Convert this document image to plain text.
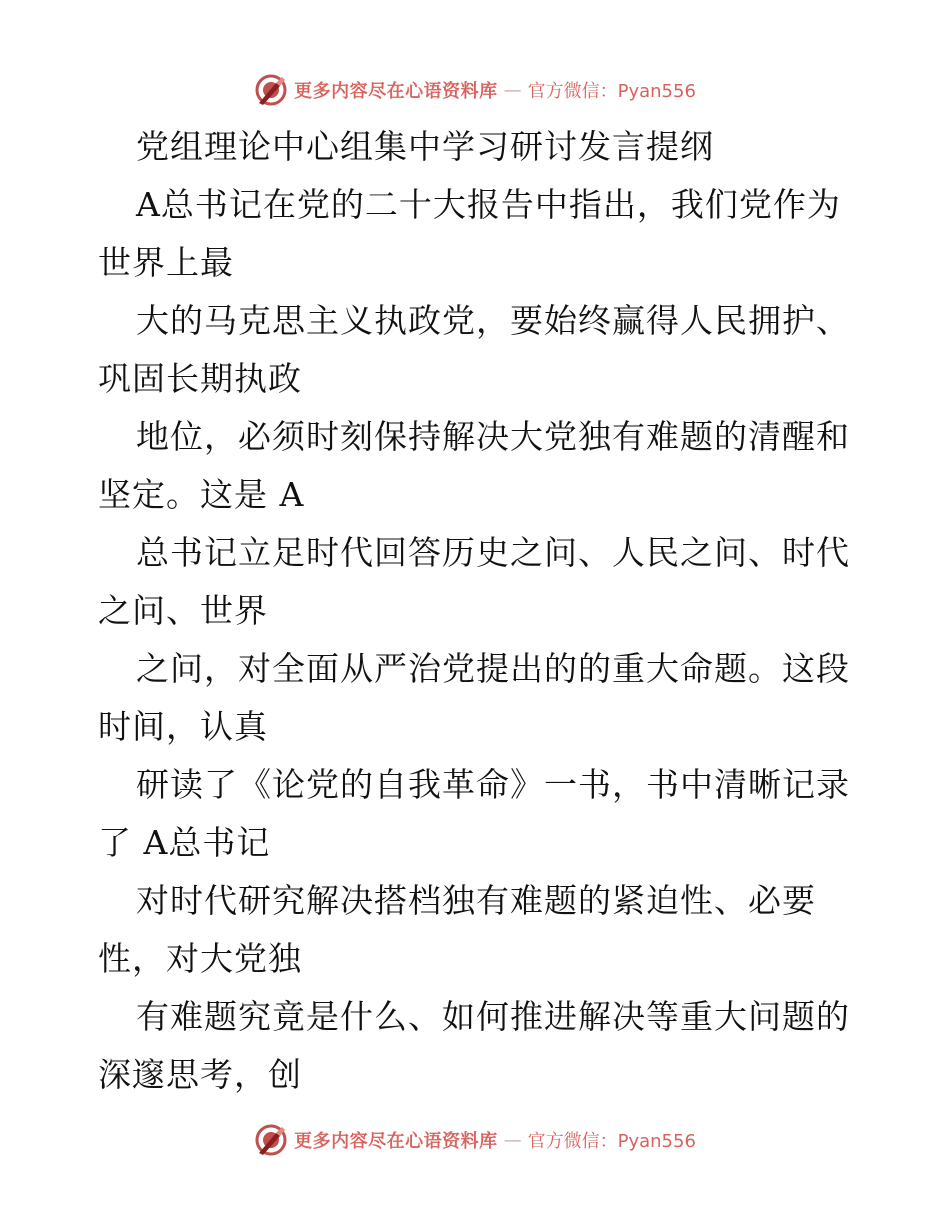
更多内容尽在心语资料库 — 官方微信：Pyan556
党组理论中心组集中学习研讨发言提纲
A总书记在党的二十大报告中指出，我们党作为
世界上最
大的马克思主义执政党，要始终赢得人民拥护、
巩固长期执政
地位，必须时刻保持解决大党独有难题的清醒和
坚定。这是 A
总书记立足时代回答历史之问、人民之问、时代
之问、世界
之问，对全面从严治党提出的的重大命题。这段
时间，认真
研读了《论党的自我革命》一书，书中清晰记录
了 A总书记
对时代研究解决搭档独有难题的紧迫性、必要
性，对大党独
有难题究竟是什么、如何推进解决等重大问题的
深邃思考，创
更多内容尽在心语资料库 — 官方微信：Pyan556
